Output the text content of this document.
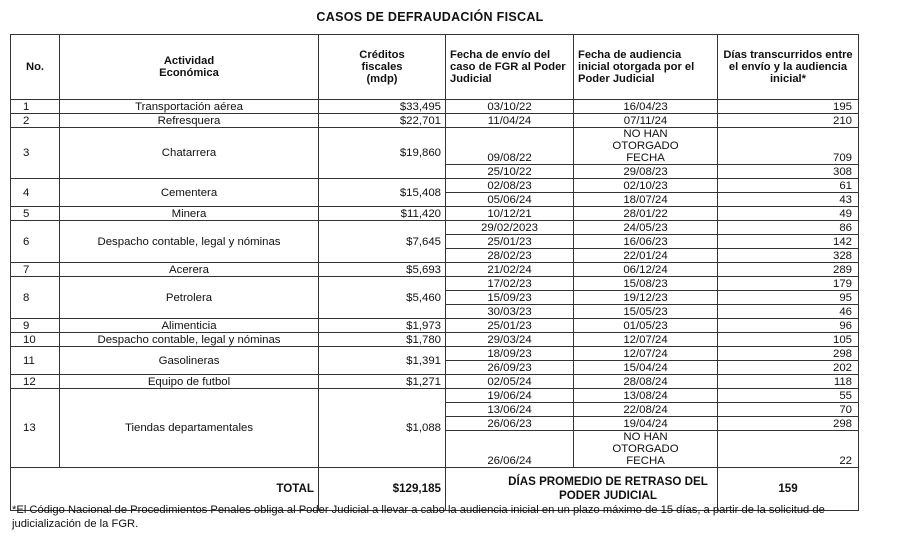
CASOS DE DEFRAUDACIÓN FISCAL
No.	Actividad Económica	Créditos fiscales (mdp)	Fecha de envío del caso de FGR al Poder Judicial	Fecha de audiencia inicial otorgada por el Poder Judicial	Días transcurridos entre el envío y la audiencia inicial*
1	Transportación aérea	$33,495	03/10/22	16/04/23	195
2	Refresquera	$22,701	11/04/24	07/11/24	210
3	Chatarrera	$19,860	09/08/22	NO HAN OTORGADO FECHA	709
			25/10/22	29/08/23	308
4	Cementera	$15,408	02/08/23	02/10/23	61
			05/06/24	18/07/24	43
5	Minera	$11,420	10/12/21	28/01/22	49
6	Despacho contable, legal y nóminas	$7,645	29/02/2023	24/05/23	86
			25/01/23	16/06/23	142
			28/02/23	22/01/24	328
7	Acerera	$5,693	21/02/24	06/12/24	289
8	Petrolera	$5,460	17/02/23	15/08/23	179
			15/09/23	19/12/23	95
			30/03/23	15/05/23	46
9	Alimenticia	$1,973	25/01/23	01/05/23	96
10	Despacho contable, legal y nóminas	$1,780	29/03/24	12/07/24	105
11	Gasolineras	$1,391	18/09/23	12/07/24	298
			26/09/23	15/04/24	202
12	Equipo de futbol	$1,271	02/05/24	28/08/24	118
13	Tiendas departamentales	$1,088	19/06/24	13/08/24	55
			13/06/24	22/08/24	70
			26/06/23	19/04/24	298
			26/06/24	NO HAN OTORGADO FECHA	22
TOTAL		$129,185	DÍAS PROMEDIO DE RETRASO DEL PODER JUDICIAL		159
*El Código Nacional de Procedimientos Penales obliga al Poder Judicial a llevar a cabo la audiencia inicial en un plazo máximo de 15 días, a partir de la solicitud de judicialización de la FGR.
